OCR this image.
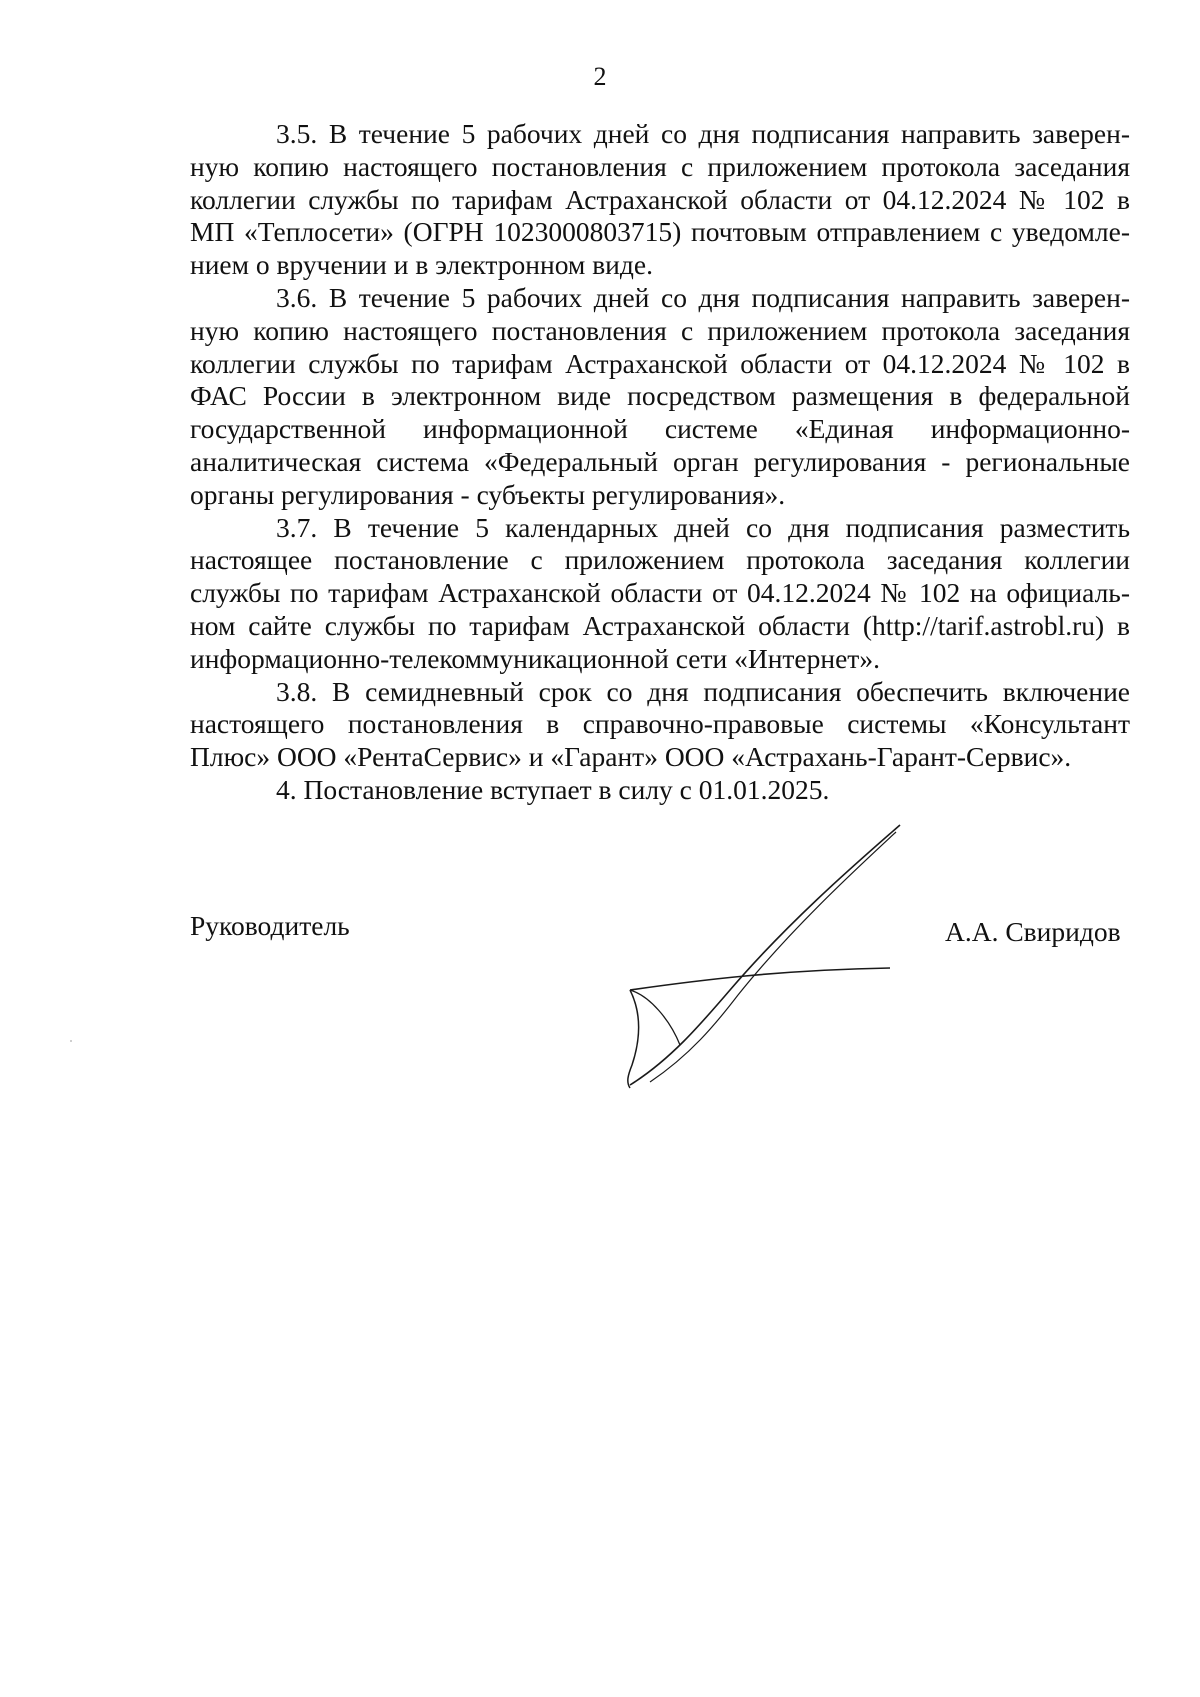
2

3.5. В течение 5 рабочих дней со дня подписания направить заверен-
ную копию настоящего постановления с приложением протокола заседания
коллегии службы по тарифам Астраханской области от 04.12.2024 № 102 в
МП «Теплосети» (ОГРН 1023000803715) почтовым отправлением с уведомле-
нием о вручении и в электронном виде.

3.6. В течение 5 рабочих дней со дня подписания направить заверен-
ную копию настоящего постановления с приложением протокола заседания
коллегии службы по тарифам Астраханской области от 04.12.2024 № 102 в
ФАС России в электронном виде посредством размещения в федеральной
государственной информационной системе «Единая информационно-
аналитическая система «Федеральный орган регулирования - региональные
органы регулирования - субъекты регулирования».

3.7. В течение 5 календарных дней со дня подписания разместить
настоящее постановление с приложением протокола заседания коллегии
службы по тарифам Астраханской области от 04.12.2024 № 102 на официаль-
ном сайте службы по тарифам Астраханской области (http://tarif.astrobl.ru) в
информационно-телекоммуникационной сети «Интернет».

3.8. В семидневный срок со дня подписания обеспечить включение
настоящего постановления в справочно-правовые системы «Консультант
Плюс» ООО «РентаСервис» и «Гарант» ООО «Астрахань-Гарант-Сервис».

4. Постановление вступает в силу с 01.01.2025.

Руководитель	А.А. Свиридов
